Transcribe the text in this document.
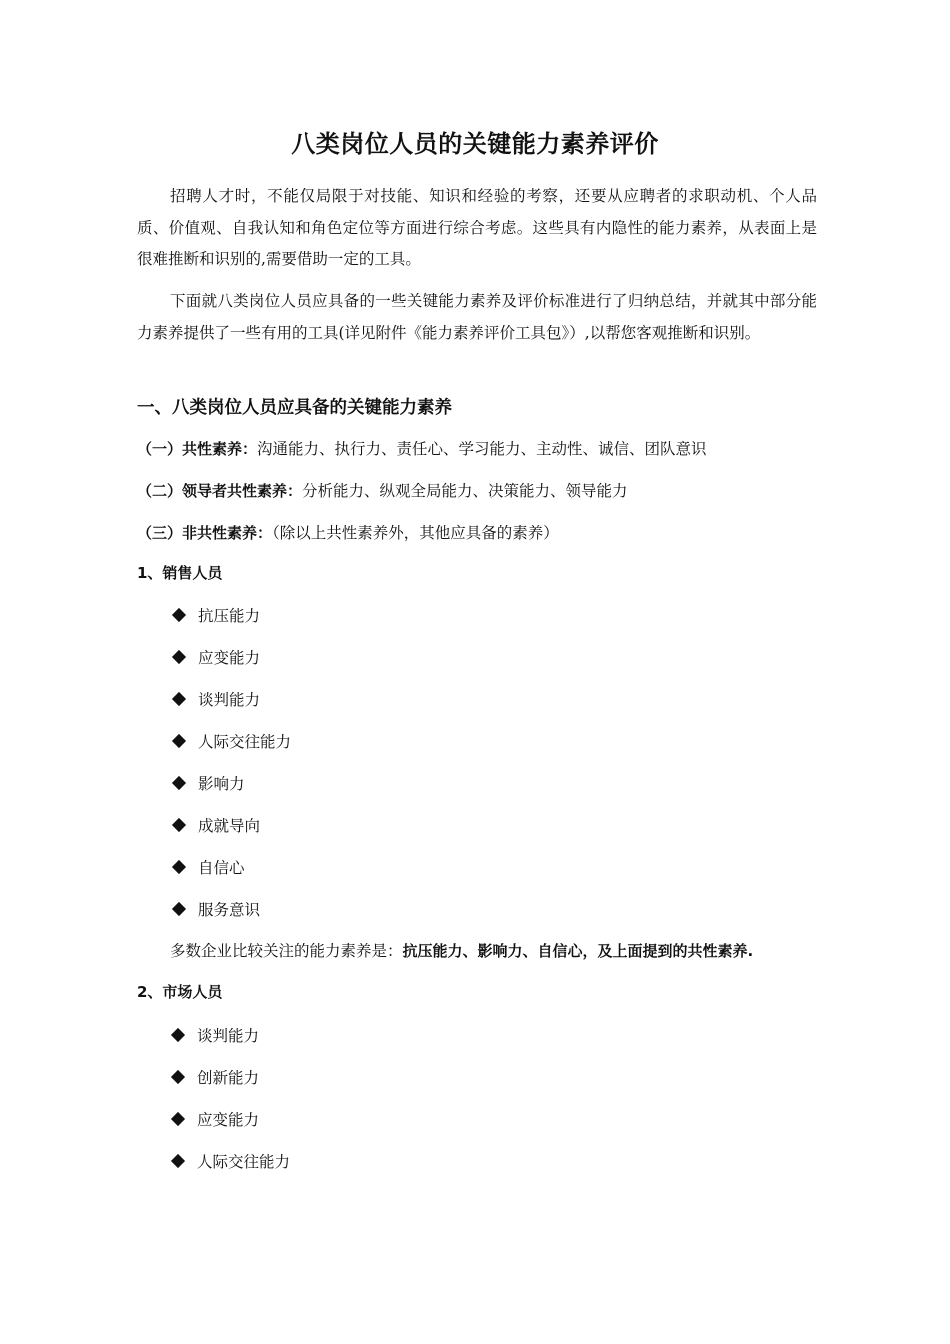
八类岗位人员的关键能力素养评价
招聘人才时，不能仅局限于对技能、知识和经验的考察，还要从应聘者的求职动机、个人品质、价值观、自我认知和角色定位等方面进行综合考虑。这些具有内隐性的能力素养，从表面上是很难推断和识别的,需要借助一定的工具。
下面就八类岗位人员应具备的一些关键能力素养及评价标准进行了归纳总结，并就其中部分能力素养提供了一些有用的工具(详见附件《能力素养评价工具包》）,以帮您客观推断和识别。
一、八类岗位人员应具备的关键能力素养
（一）共性素养：沟通能力、执行力、责任心、学习能力、主动性、诚信、团队意识
（二）领导者共性素养：分析能力、纵观全局能力、决策能力、领导能力
（三）非共性素养：（除以上共性素养外，其他应具备的素养）
1、销售人员
抗压能力
应变能力
谈判能力
人际交往能力
影响力
成就导向
自信心
服务意识
多数企业比较关注的能力素养是：抗压能力、影响力、自信心，及上面提到的共性素养.
2、市场人员
谈判能力
创新能力
应变能力
人际交往能力
